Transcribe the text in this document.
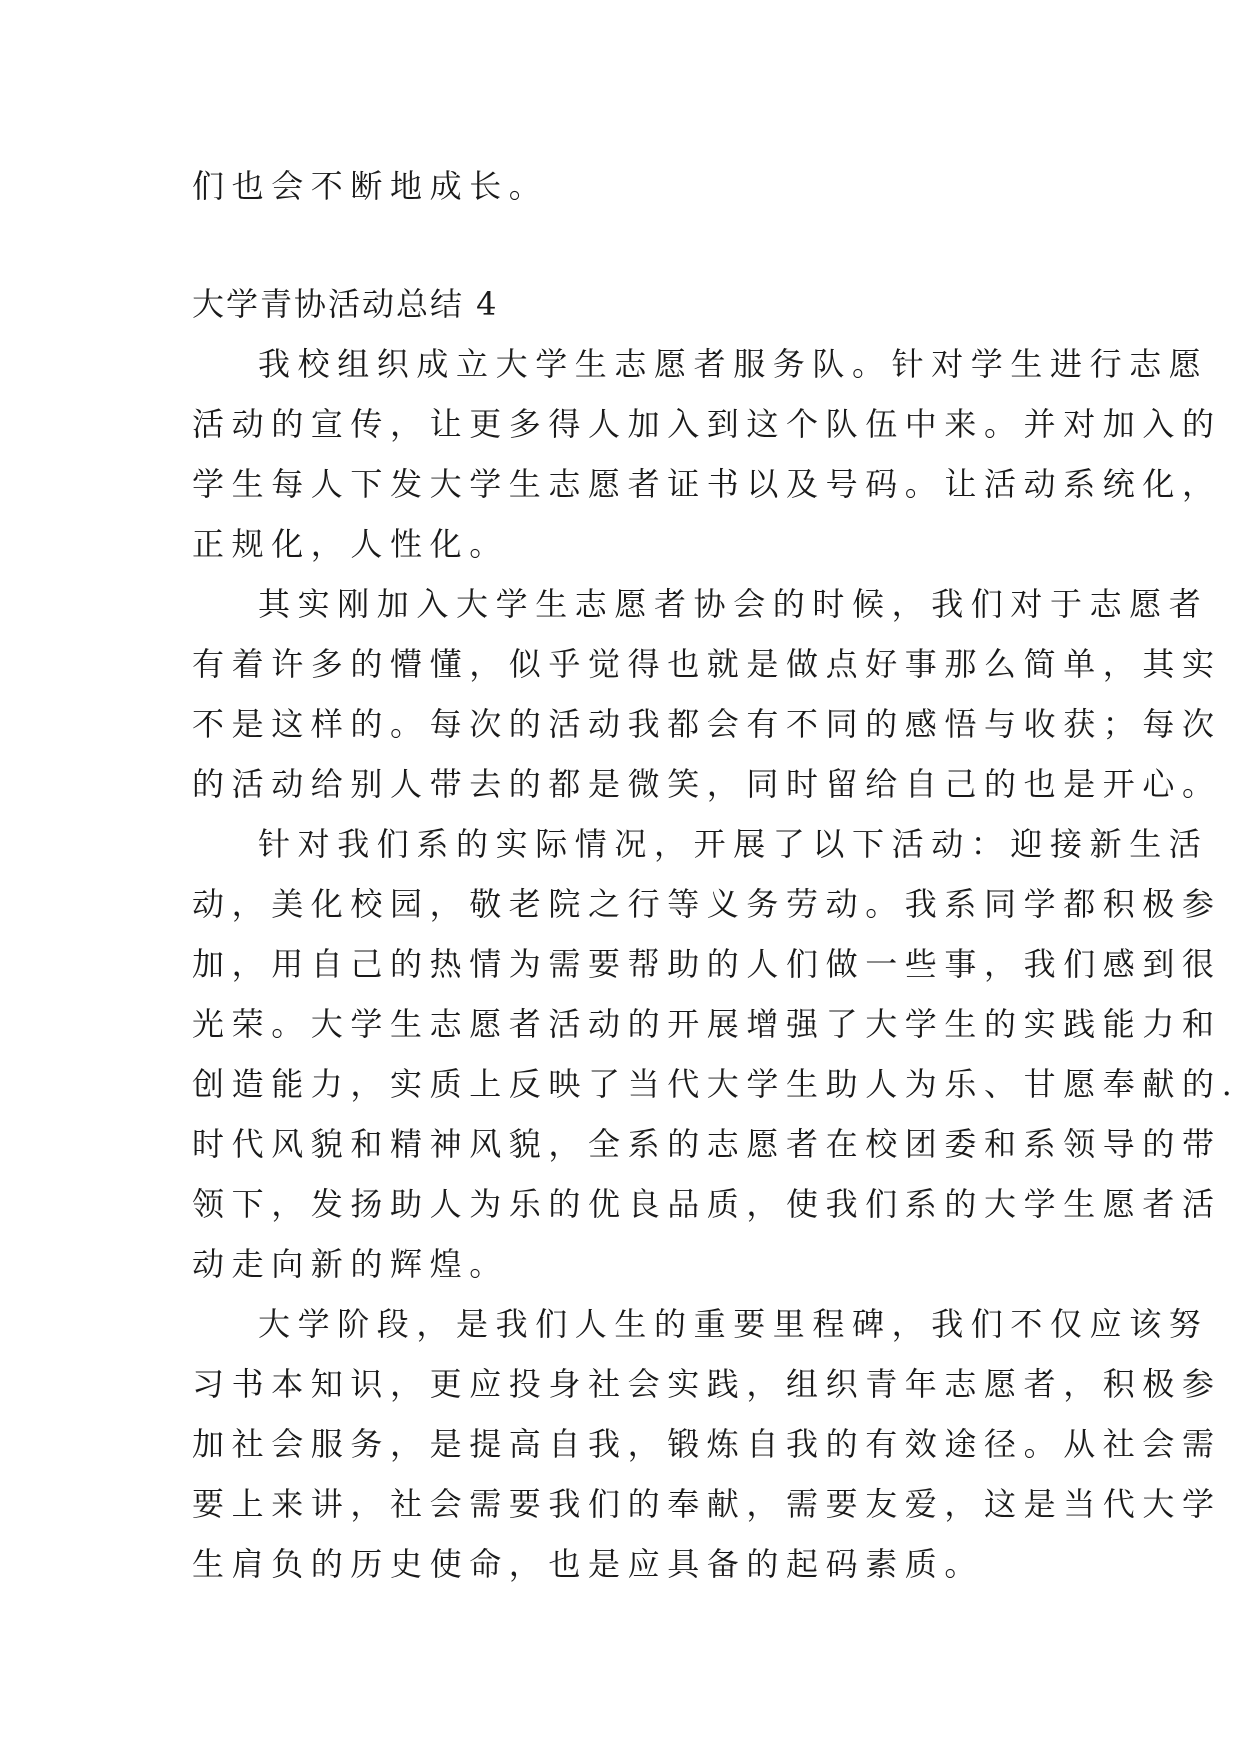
们也会不断地成长。

大学青协活动总结 4

我校组织成立大学生志愿者服务队。针对学生进行志愿

活动的宣传，让更多得人加入到这个队伍中来。并对加入的

学生每人下发大学生志愿者证书以及号码。让活动系统化，

正规化，人性化。

其实刚加入大学生志愿者协会的时候，我们对于志愿者

有着许多的懵懂，似乎觉得也就是做点好事那么简单，其实

不是这样的。每次的活动我都会有不同的感悟与收获；每次

的活动给别人带去的都是微笑，同时留给自己的也是开心。

针对我们系的实际情况，开展了以下活动：迎接新生活

动，美化校园，敬老院之行等义务劳动。我系同学都积极参

加，用自己的热情为需要帮助的人们做一些事，我们感到很

光荣。大学生志愿者活动的开展增强了大学生的实践能力和

创造能力，实质上反映了当代大学生助人为乐、甘愿奉献的.

时代风貌和精神风貌，全系的志愿者在校团委和系领导的带

领下，发扬助人为乐的优良品质，使我们系的大学生愿者活

动走向新的辉煌。

大学阶段，是我们人生的重要里程碑，我们不仅应该努

习书本知识，更应投身社会实践，组织青年志愿者，积极参

加社会服务，是提高自我，锻炼自我的有效途径。从社会需

要上来讲，社会需要我们的奉献，需要友爱，这是当代大学

生肩负的历史使命，也是应具备的起码素质。
